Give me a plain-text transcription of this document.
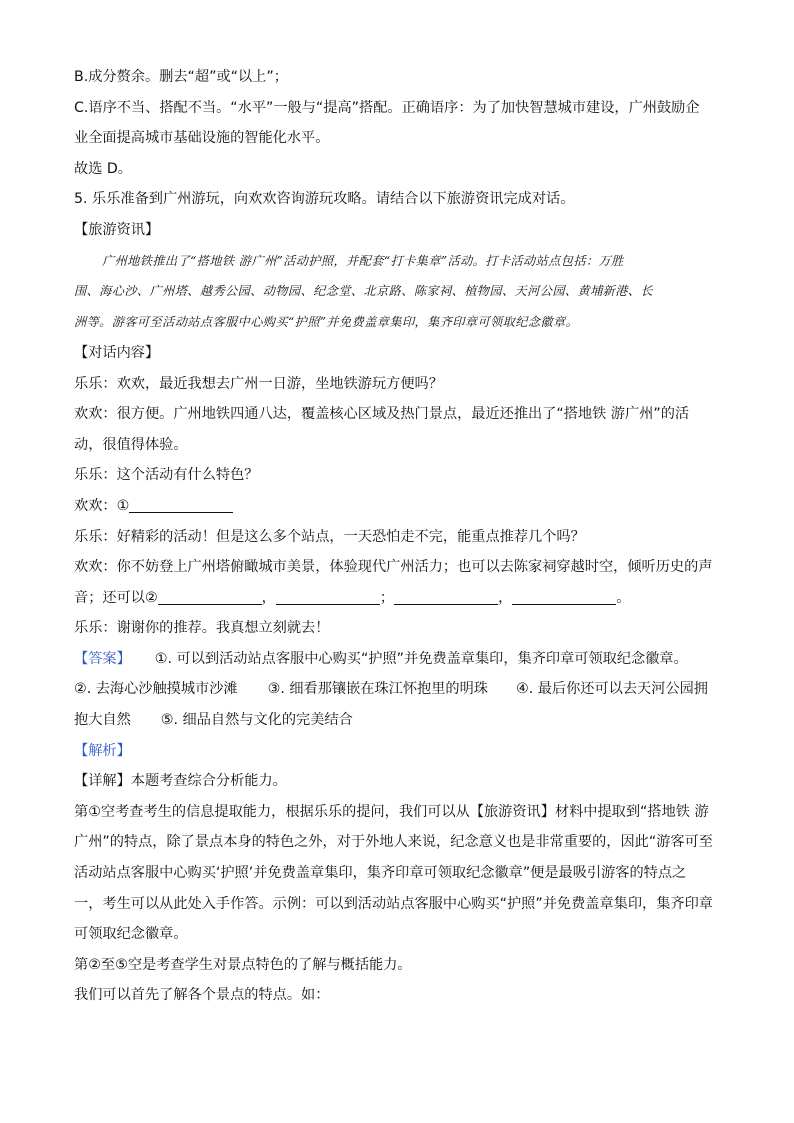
B.成分赘余。删去“超”或“以上”；
C.语序不当、搭配不当。“水平”一般与“提高”搭配。正确语序：为了加快智慧城市建设，广州鼓励企
业全面提高城市基础设施的智能化水平。
故选 D。
5. 乐乐准备到广州游玩，向欢欢咨询游玩攻略。请结合以下旅游资讯完成对话。
【旅游资讯】
广州地铁推出了“搭地铁 游广州”活动护照，并配套“打卡集章”活动。打卡活动站点包括：万胜
围、海心沙、广州塔、越秀公园、动物园、纪念堂、北京路、陈家祠、植物园、天河公园、黄埔新港、长
洲等。游客可至活动站点客服中心购买“护照”并免费盖章集印，集齐印章可领取纪念徽章。
【对话内容】
乐乐：欢欢，最近我想去广州一日游，坐地铁游玩方便吗？
欢欢：很方便。广州地铁四通八达，覆盖核心区域及热门景点，最近还推出了“搭地铁 游广州”的活
动，很值得体验。
乐乐：这个活动有什么特色？
欢欢：①
乐乐：好精彩的活动！但是这么多个站点，一天恐怕走不完，能重点推荐几个吗？
欢欢：你不妨登上广州塔俯瞰城市美景，体验现代广州活力；也可以去陈家祠穿越时空，倾听历史的声
音；还可以②	，	；	，	。
乐乐：谢谢你的推荐。我真想立刻就去！
【答案】 ①. 可以到活动站点客服中心购买“护照”并免费盖章集印，集齐印章可领取纪念徽章。
②. 去海心沙触摸城市沙滩 ③. 细看那镶嵌在珠江怀抱里的明珠 ④. 最后你还可以去天河公园拥
抱大自然 ⑤. 细品自然与文化的完美结合
【解析】
【详解】本题考查综合分析能力。
第①空考查考生的信息提取能力，根据乐乐的提问，我们可以从【旅游资讯】材料中提取到“搭地铁 游
广州”的特点，除了景点本身的特色之外，对于外地人来说，纪念意义也是非常重要的，因此“游客可至
活动站点客服中心购买‘护照’并免费盖章集印，集齐印章可领取纪念徽章”便是最吸引游客的特点之
一，考生可以从此处入手作答。示例：可以到活动站点客服中心购买“护照”并免费盖章集印，集齐印章
可领取纪念徽章。
第②至⑤空是考查学生对景点特色的了解与概括能力。
我们可以首先了解各个景点的特点。如：
